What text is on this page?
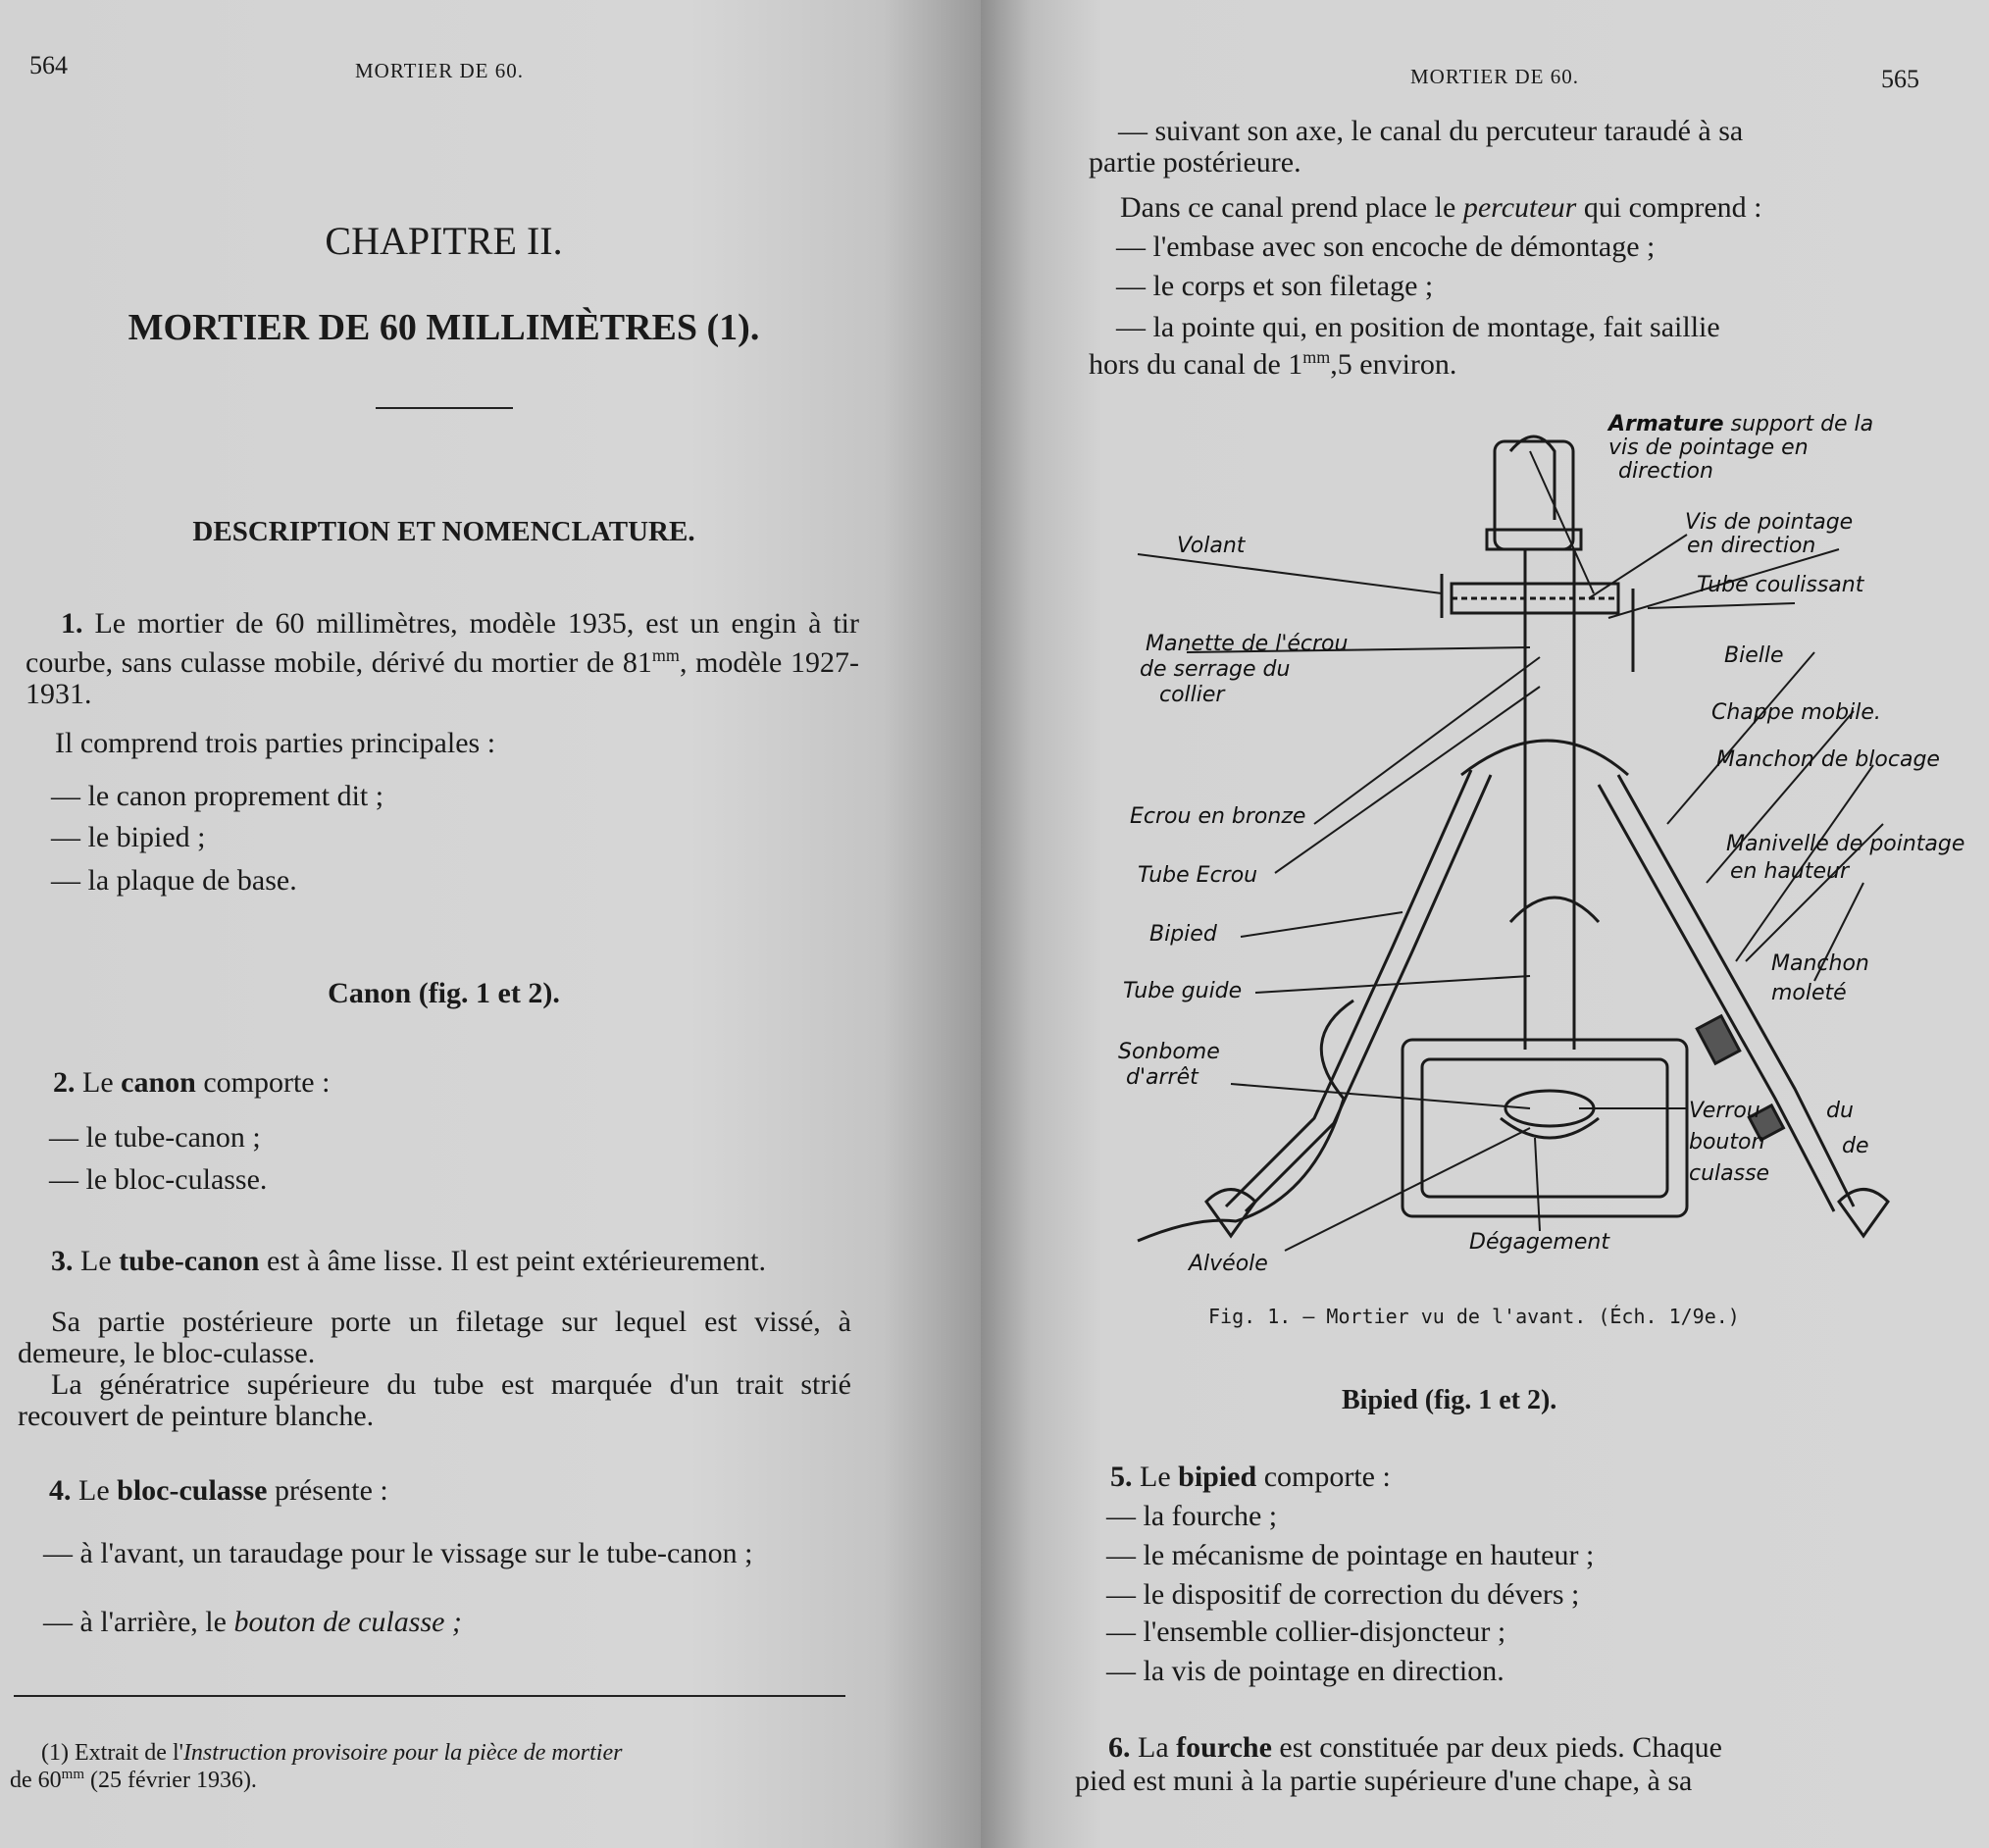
564	MORTIER DE 60.
CHAPITRE II.
MORTIER DE 60 MILLIMÈTRES (1).
DESCRIPTION ET NOMENCLATURE.
1. Le mortier de 60 millimètres, modèle 1935, est un engin à tir courbe, sans culasse mobile, dérivé du mortier de $81^{mm}$, modèle 1927-1931.
Il comprend trois parties principales :
— le canon proprement dit ;
— le bipied ;
— la plaque de base.
Canon (fig. 1 et 2).
2. Le canon comporte :
— le tube-canon ;
— le bloc-culasse.
3. Le tube-canon est à âme lisse. Il est peint extérieurement.
Sa partie postérieure porte un filetage sur lequel est vissé, à demeure, le bloc-culasse.
La génératrice supérieure du tube est marquée d'un trait strié recouvert de peinture blanche.
4. Le bloc-culasse présente :
— à l'avant, un taraudage pour le vissage sur le tube-canon ;
— à l'arrière, le bouton de culasse ;
(1) Extrait de l'Instruction provisoire pour la pièce de mortier
de $60^{mm}$ (25 février 1936).
MORTIER DE 60.	565
— suivant son axe, le canal du percuteur taraudé à sa
partie postérieure.
Dans ce canal prend place le percuteur qui comprend :
— l'embase avec son encoche de démontage ;
— le corps et son filetage ;
— la pointe qui, en position de montage, fait saillie
hors du canal de $1^{mm},5$ environ.
Armature support de la
vis de pointage en
direction
Volant
Vis de pointage
en direction
Tube coulissant
Manette de l'écrou
de serrage du
collier
Bielle
Chappe mobile.
Manchon de blocage
Ecrou en bronze
Manivelle de pointage
en hauteur
Tube Ecrou
Bipied
Manchon
moleté
Tube guide
Sonbome
d'arrêt
Verrou
bouton
culasse
du
de
Dégagement
Alvéole
Fig. 1. — Mortier vu de l'avant. (Éch. 1/9e.)
Bipied (fig. 1 et 2).
5. Le bipied comporte :
— la fourche ;
— le mécanisme de pointage en hauteur ;
— le dispositif de correction du dévers ;
— l'ensemble collier-disjoncteur ;
— la vis de pointage en direction.
6. La fourche est constituée par deux pieds. Chaque
pied est muni à la partie supérieure d'une chape, à sa
